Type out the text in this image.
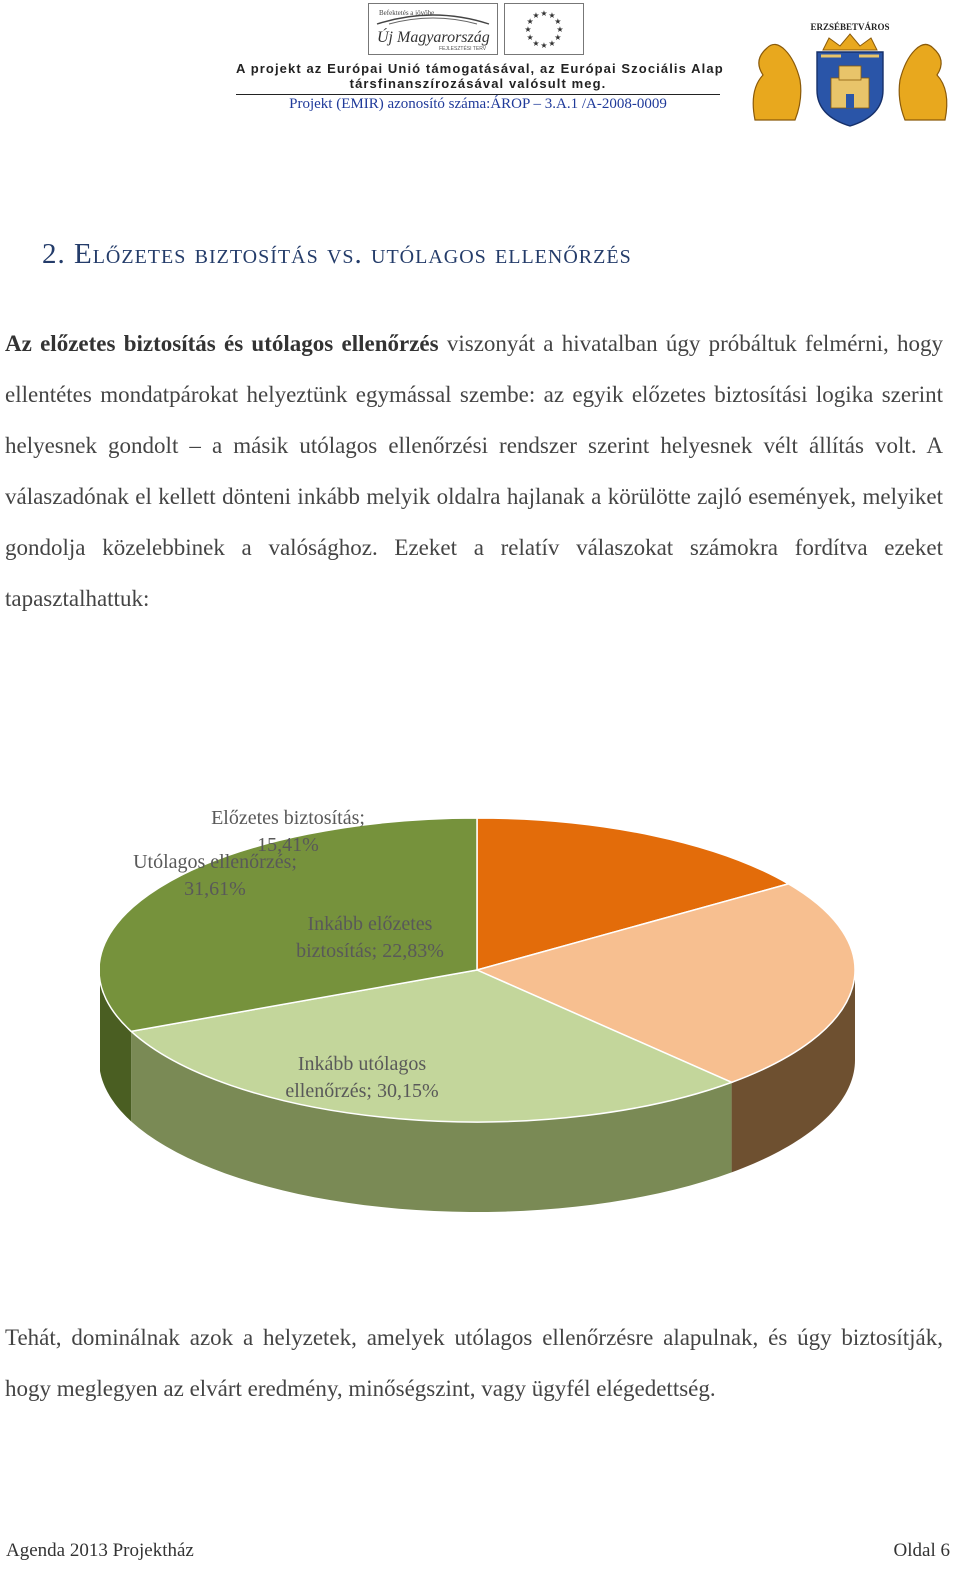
Befektetés a jövőbe
Új Magyarország
FEJLESZTÉSI TERV
★
★
★
★
★
★
★
★
★ ★ ★
★
ERZSÉBETVÁROS
A projekt az Európai Unió támogatásával, az Európai Szociális Alap
társfinanszírozásával valósult meg.
Projekt (EMIR) azonosító száma:ÁROP – 3.A.1 /A-2008-0009
2. Előzetes biztosítás vs. utólagos ellenőrzés
Az előzetes biztosítás és utólagos ellenőrzés viszonyát a hivatalban úgy próbáltuk felmérni, hogy ellentétes mondatpárokat helyeztünk egymással szembe: az egyik előzetes biztosítási logika szerint helyesnek gondolt – a másik utólagos ellenőrzési rendszer szerint helyesnek vélt állítás volt. A válaszadónak el kellett dönteni inkább melyik oldalra hajlanak a körülötte zajló események, melyiket gondolja közelebbinek a valósághoz. Ezeket a relatív válaszokat számokra fordítva ezeket tapasztalhattuk:
Előzetes biztosítás;
15,41%
Inkább előzetes
biztosítás; 22,83%
Inkább utólagos
ellenőrzés; 30,15%
Utólagos ellenőrzés;
31,61%
Tehát, dominálnak azok a helyzetek, amelyek utólagos ellenőrzésre alapulnak, és úgy biztosítják, hogy meglegyen az elvárt eredmény, minőségszint, vagy ügyfél elégedettség.
Agenda 2013 Projektház	Oldal 6
